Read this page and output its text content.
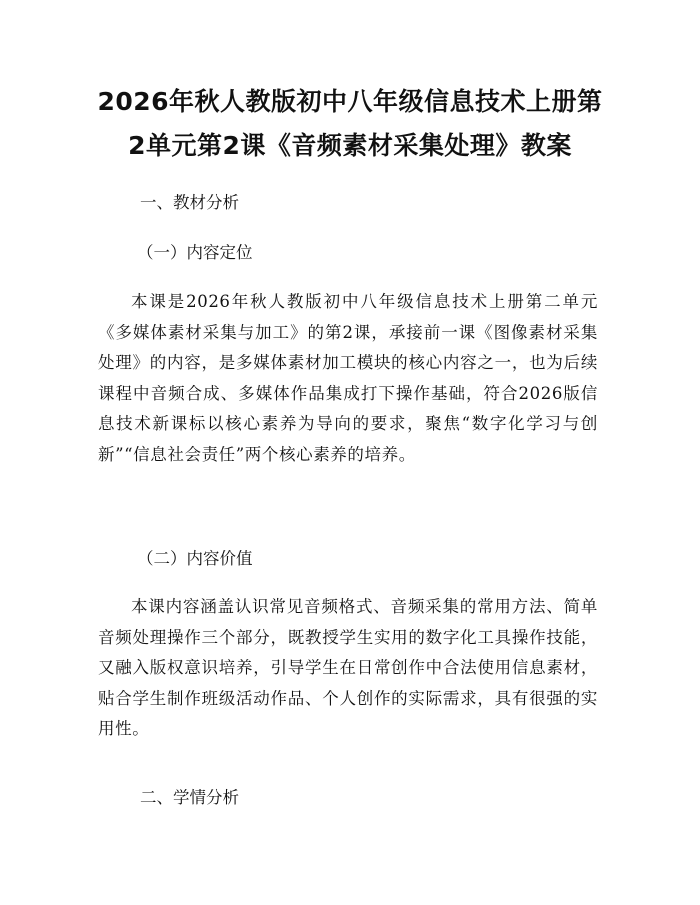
2026年秋人教版初中八年级信息技术上册第
2单元第2课《音频素材采集处理》教案
一、教材分析
（一）内容定位
本课是2026年秋人教版初中八年级信息技术上册第二单元《多媒体素材采集与加工》的第2课，承接前一课《图像素材采集处理》的内容，是多媒体素材加工模块的核心内容之一，也为后续课程中音频合成、多媒体作品集成打下操作基础，符合2026版信息技术新课标以核心素养为导向的要求，聚焦“数字化学习与创新”“信息社会责任”两个核心素养的培养。
（二）内容价值
本课内容涵盖认识常见音频格式、音频采集的常用方法、简单音频处理操作三个部分，既教授学生实用的数字化工具操作技能，又融入版权意识培养，引导学生在日常创作中合法使用信息素材，贴合学生制作班级活动作品、个人创作的实际需求，具有很强的实用性。
二、学情分析
